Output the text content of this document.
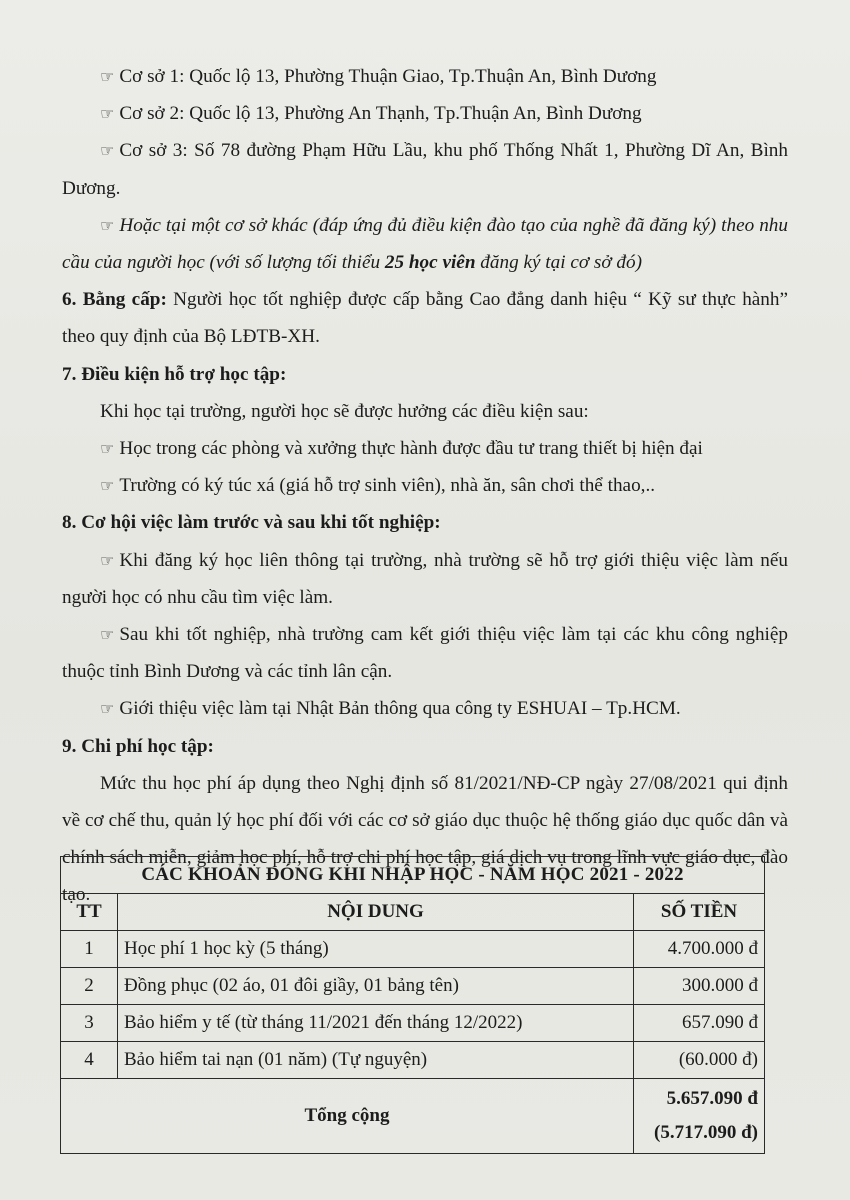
☞ Cơ sở 1: Quốc lộ 13, Phường Thuận Giao, Tp.Thuận An, Bình Dương

☞ Cơ sở 2: Quốc lộ 13, Phường An Thạnh, Tp.Thuận An, Bình Dương

☞ Cơ sở 3: Số 78 đường Phạm Hữu Lầu, khu phố Thống Nhất 1, Phường Dĩ An, Bình Dương.

☞ Hoặc tại một cơ sở khác (đáp ứng đủ điều kiện đào tạo của nghề đã đăng ký) theo nhu cầu của người học (với số lượng tối thiểu 25 học viên đăng ký tại cơ sở đó)

6. Bằng cấp: Người học tốt nghiệp được cấp bằng Cao đẳng danh hiệu “ Kỹ sư thực hành” theo quy định của Bộ LĐTB-XH.

7. Điều kiện hỗ trợ học tập:

Khi học tại trường, người học sẽ được hưởng các điều kiện sau:

☞ Học trong các phòng và xưởng thực hành được đầu tư trang thiết bị hiện đại

☞ Trường có ký túc xá (giá hỗ trợ sinh viên), nhà ăn, sân chơi thể thao,..

8. Cơ hội việc làm trước và sau khi tốt nghiệp:

☞ Khi đăng ký học liên thông tại trường, nhà trường sẽ hỗ trợ giới thiệu việc làm nếu người học có nhu cầu tìm việc làm.

☞ Sau khi tốt nghiệp, nhà trường cam kết giới thiệu việc làm tại các khu công nghiệp thuộc tỉnh Bình Dương và các tỉnh lân cận.

☞ Giới thiệu việc làm tại Nhật Bản thông qua công ty ESHUAI – Tp.HCM.

9. Chi phí học tập:

Mức thu học phí áp dụng theo Nghị định số 81/2021/NĐ-CP ngày 27/08/2021 qui định về cơ chế thu, quản lý học phí đối với các cơ sở giáo dục thuộc hệ thống giáo dục quốc dân và chính sách miễn, giảm học phí, hỗ trợ chi phí học tập, giá dịch vụ trong lĩnh vực giáo dục, đào tạo.

CÁC KHOẢN ĐÓNG KHI NHẬP HỌC - NĂM HỌC 2021 - 2022		
TT	NỘI DUNG	SỐ TIỀN
1	Học phí 1 học kỳ (5 tháng)	4.700.000 đ
2	Đồng phục (02 áo, 01 đôi giầy, 01 bảng tên)	300.000 đ
3	Bảo hiểm y tế (từ tháng 11/2021 đến tháng 12/2022)	657.090 đ
4	Bảo hiểm tai nạn (01 năm) (Tự nguyện)	(60.000 đ)
Tổng cộng		5.657.090 đ
(5.717.090 đ)
